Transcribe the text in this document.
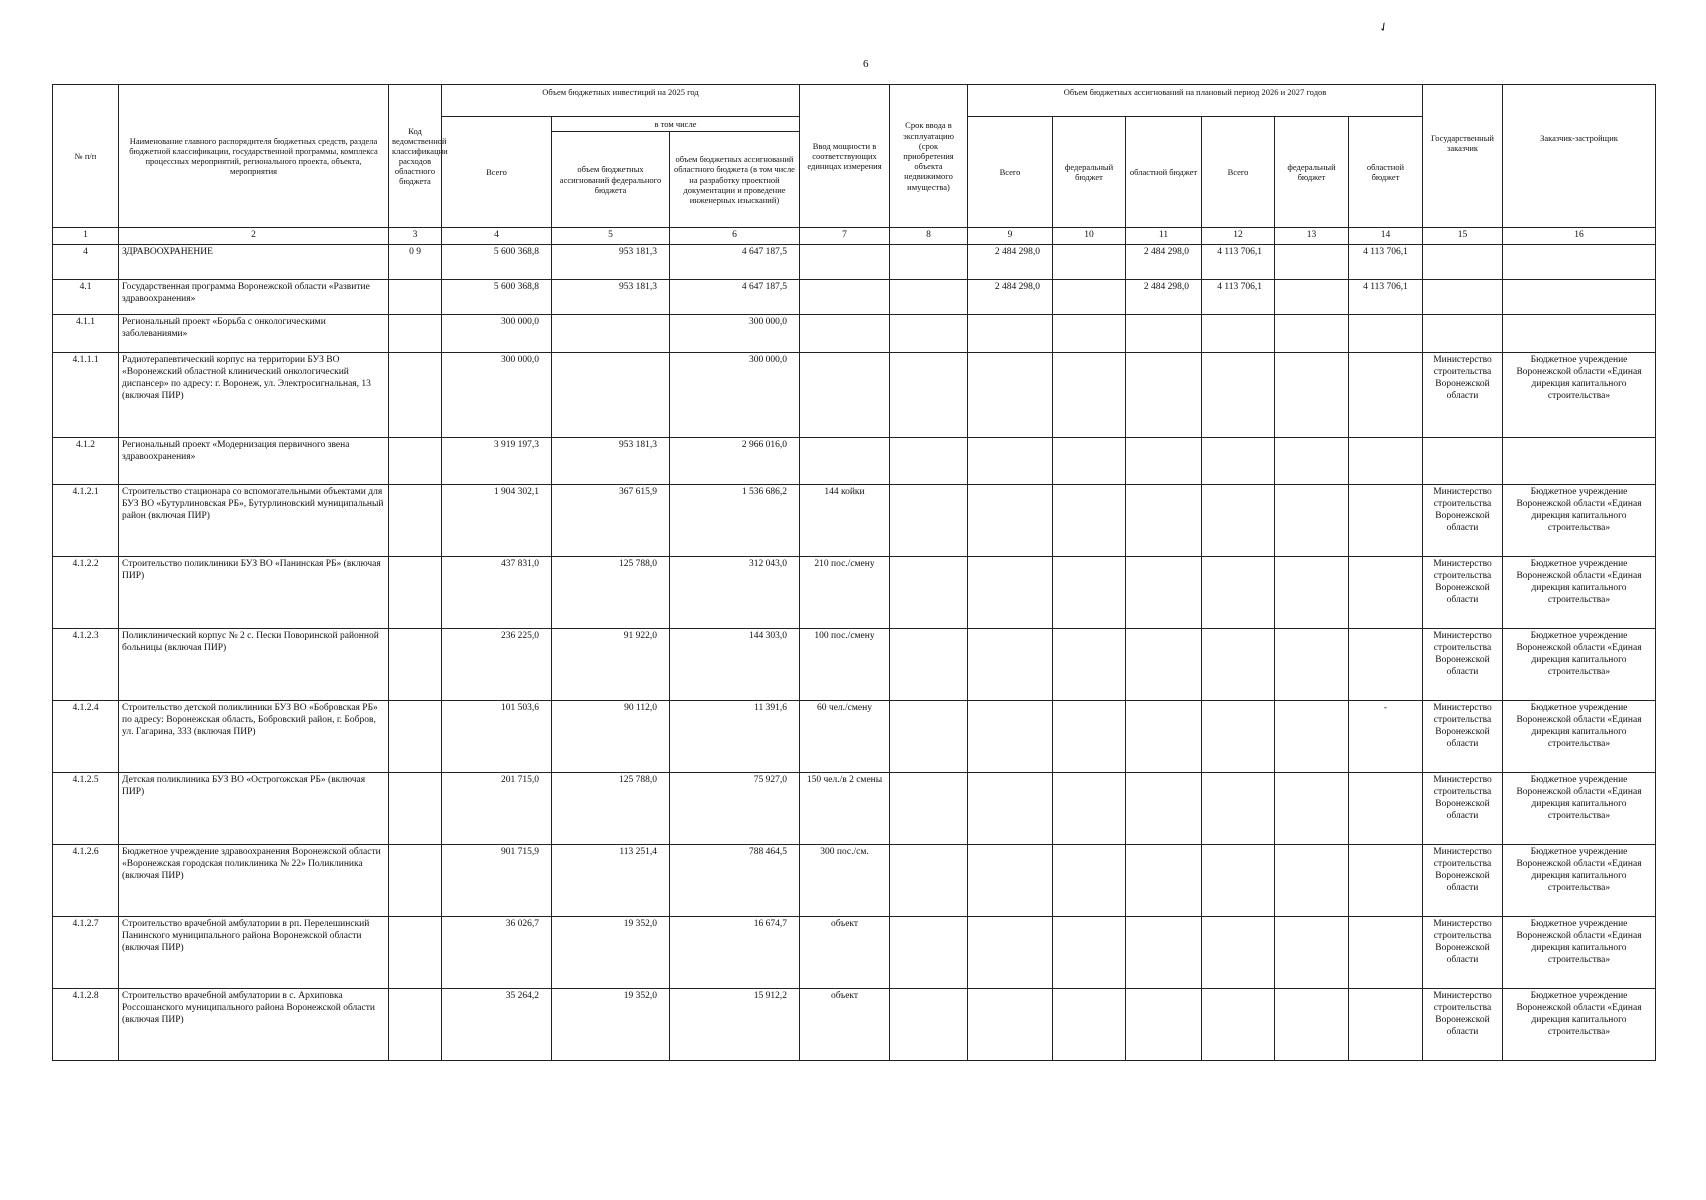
✓
6
№ п/п	Наименование главного распорядителя бюджетных средств, раздела бюджетной классификации, государственной программы, комплекса процессных мероприятий, регионального проекта, объекта, мероприятия	Код ведомственной классификации расходов областного бюджета	Объем бюджетных инвестиций на 2025 год			Ввод мощности в соответствующих единицах измерения	Срок ввода в эксплуатацию (срок приобретения объекта недвижимого имущества)	Объем бюджетных ассигнований на плановый период 2026 и 2027 годов						Государственный заказчик	Заказчик-застройщик
			Всего	в том числе				Всего	федеральный бюджет	областной бюджет	Всего	федеральный бюджет	областной бюджет		
				объем бюджетных ассигнований федерального бюджета	объем бюджетных ассигнований областного бюджета (в том числе на разработку проектной документации и проведение инженерных изысканий)										
1	2	3	4	5	6	7	8	9	10	11	12	13	14	15	16
4	ЗДРАВООХРАНЕНИЕ	0 9	5 600 368,8	953 181,3	4 647 187,5			2 484 298,0		2 484 298,0	4 113 706,1		4 113 706,1		
4.1	Государственная программа Воронежской области «Развитие здравоохранения»		5 600 368,8	953 181,3	4 647 187,5			2 484 298,0		2 484 298,0	4 113 706,1		4 113 706,1		
4.1.1	Региональный проект «Борьба с онкологическими заболеваниями»		300 000,0		300 000,0										
4.1.1.1	Радиотерапевтический корпус на территории БУЗ ВО «Воронежский областной клинический онкологический диспансер» по адресу: г. Воронеж, ул. Электросигнальная, 13 (включая ПИР)		300 000,0		300 000,0									Министерство строительства Воронежской области	Бюджетное учреждение Воронежской области «Единая дирекция капитального строительства»
4.1.2	Региональный проект «Модернизация первичного звена здравоохранения»		3 919 197,3	953 181,3	2 966 016,0										
4.1.2.1	Строительство стационара со вспомогательными объектами для БУЗ ВО «Бутурлиновская РБ», Бутурлиновский муниципальный район (включая ПИР)		1 904 302,1	367 615,9	1 536 686,2	144 койки								Министерство строительства Воронежской области	Бюджетное учреждение Воронежской области «Единая дирекция капитального строительства»
4.1.2.2	Строительство поликлиники БУЗ ВО «Панинская РБ» (включая ПИР)		437 831,0	125 788,0	312 043,0	210 пос./смену								Министерство строительства Воронежской области	Бюджетное учреждение Воронежской области «Единая дирекция капитального строительства»
4.1.2.3	Поликлинический корпус № 2 с. Пески Поворинской районной больницы (включая ПИР)		236 225,0	91 922,0	144 303,0	100 пос./смену								Министерство строительства Воронежской области	Бюджетное учреждение Воронежской области «Единая дирекция капитального строительства»
4.1.2.4	Строительство детской поликлиники БУЗ ВО «Бобровская РБ» по адресу: Воронежская область, Бобровский район, г. Бобров, ул. Гагарина, 333 (включая ПИР)		101 503,6	90 112,0	11 391,6	60 чел./смену							-	Министерство строительства Воронежской области	Бюджетное учреждение Воронежской области «Единая дирекция капитального строительства»
4.1.2.5	Детская поликлиника БУЗ ВО «Острогожская РБ» (включая ПИР)		201 715,0	125 788,0	75 927,0	150 чел./в 2 смены								Министерство строительства Воронежской области	Бюджетное учреждение Воронежской области «Единая дирекция капитального строительства»
4.1.2.6	Бюджетное учреждение здравоохранения Воронежской области «Воронежская городская поликлиника № 22» Поликлиника (включая ПИР)		901 715,9	113 251,4	788 464,5	300 пос./см.								Министерство строительства Воронежской области	Бюджетное учреждение Воронежской области «Единая дирекция капитального строительства»
4.1.2.7	Строительство врачебной амбулатории в рп. Перелешинский Панинского муниципального района Воронежской области (включая ПИР)		36 026,7	19 352,0	16 674,7	объект								Министерство строительства Воронежской области	Бюджетное учреждение Воронежской области «Единая дирекция капитального строительства»
4.1.2.8	Строительство врачебной амбулатории в с. Архиповка Россошанского муниципального района Воронежской области (включая ПИР)		35 264,2	19 352,0	15 912,2	объект								Министерство строительства Воронежской области	Бюджетное учреждение Воронежской области «Единая дирекция капитального строительства»
